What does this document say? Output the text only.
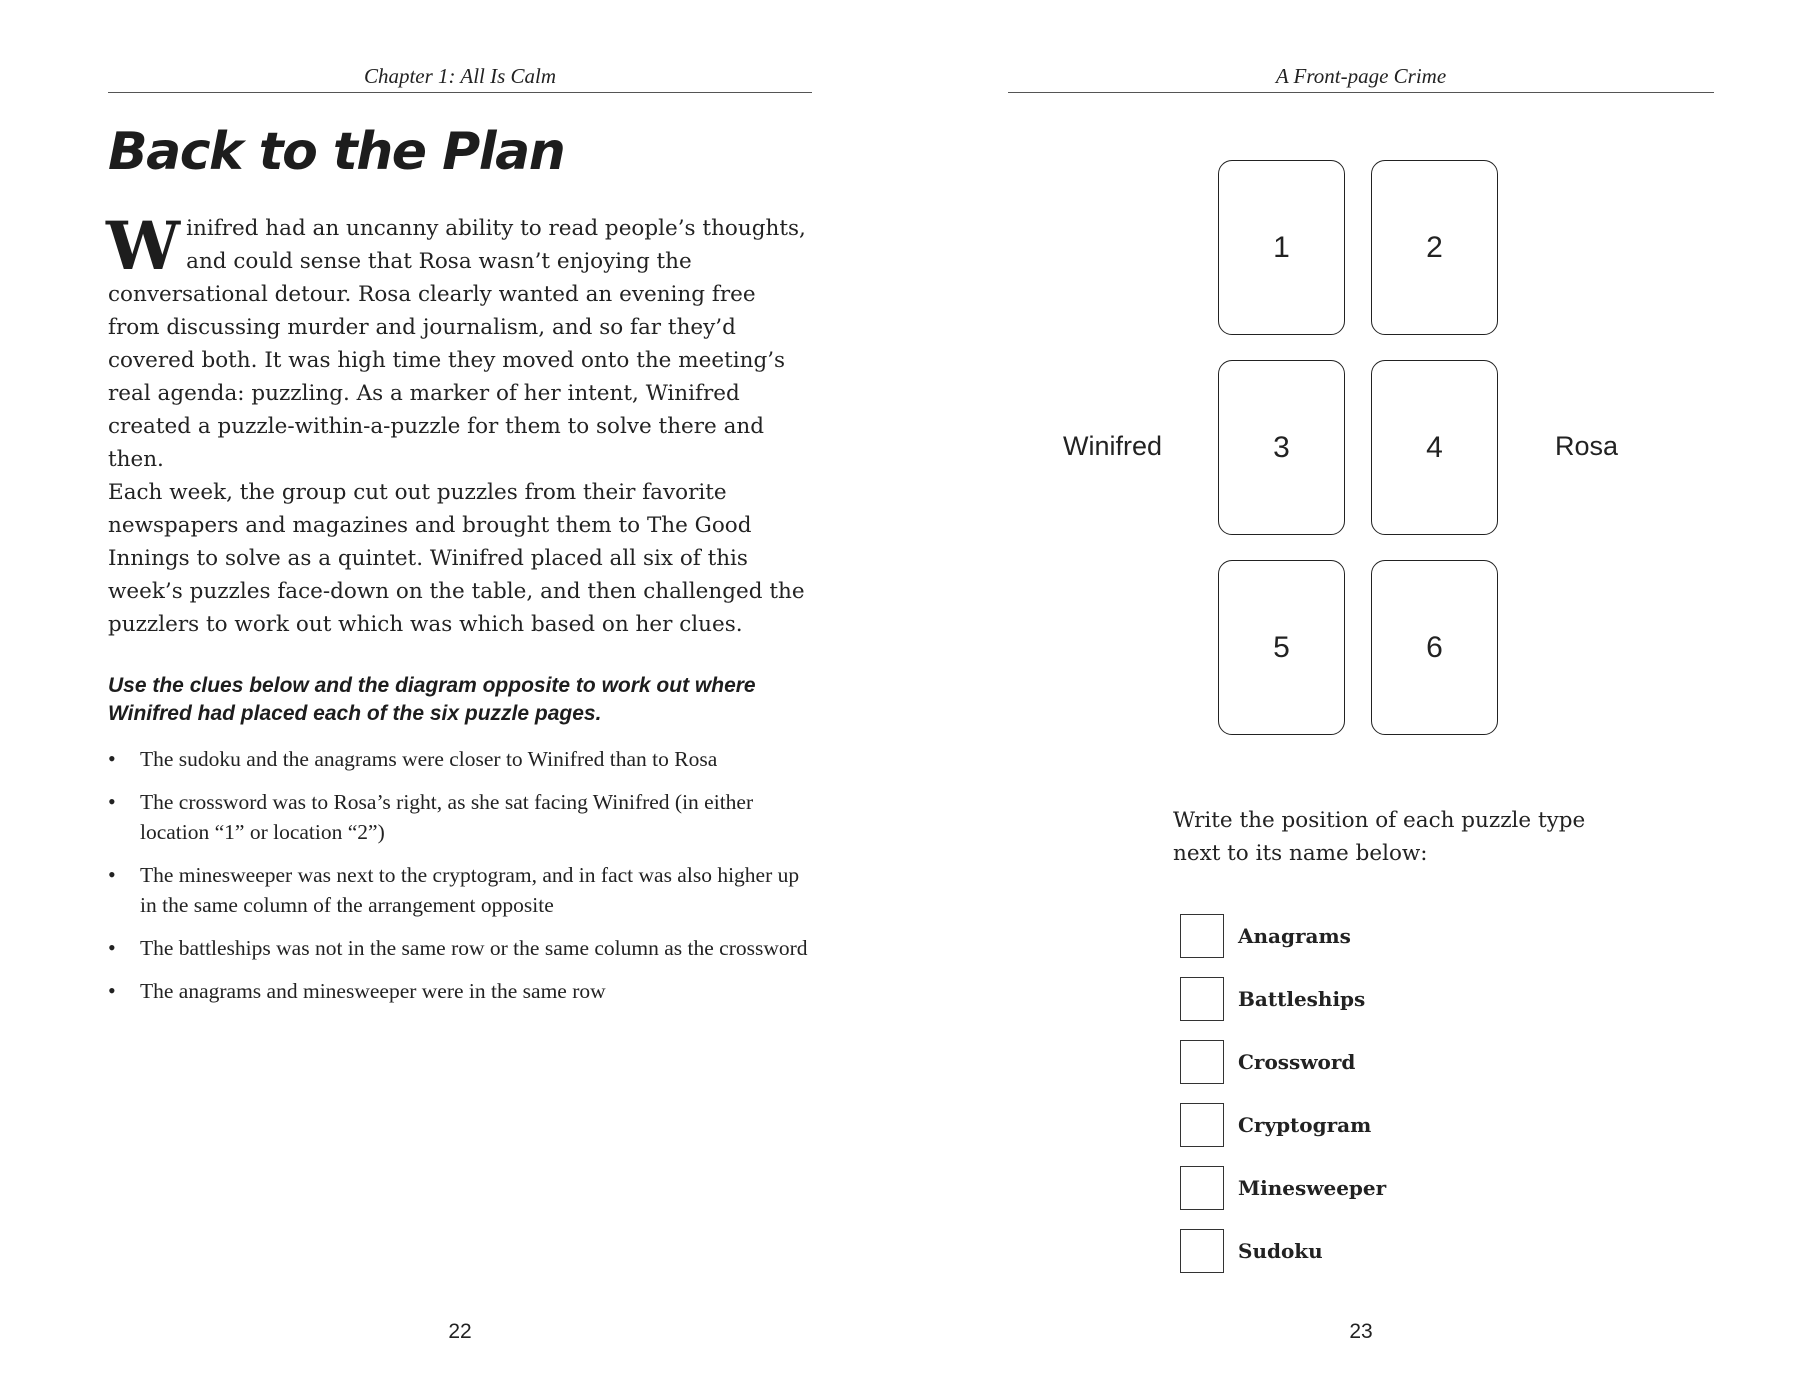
Chapter 1: All Is Calm
Back to the Plan

Winifred had an uncanny ability to read people’s thoughts, and could sense that Rosa wasn’t enjoying the conversational detour. Rosa clearly wanted an evening free from discussing murder and journalism, and so far they’d covered both. It was high time they moved onto the meeting’s real agenda: puzzling. As a marker of her intent, Winifred created a puzzle-within-a-puzzle for them to solve there and then.

Each week, the group cut out puzzles from their favorite newspapers and magazines and brought them to The Good Innings to solve as a quintet. Winifred placed all six of this week’s puzzles face-down on the table, and then challenged the puzzlers to work out which was which based on her clues.

Use the clues below and the diagram opposite to work out where Winifred had placed each of the six puzzle pages.

• The sudoku and the anagrams were closer to Winifred than to Rosa
• The crossword was to Rosa’s right, as she sat facing Winifred (in either location “1” or location “2”)
• The minesweeper was next to the cryptogram, and in fact was also higher up in the same column of the arrangement opposite
• The battleships was not in the same row or the same column as the crossword
• The anagrams and minesweeper were in the same row
22
A Front-page Crime
1	2
3	4
5	6
Winifred	Rosa

Write the position of each puzzle type next to its name below:

Anagrams
Battleships
Crossword
Cryptogram
Minesweeper
Sudoku
23
